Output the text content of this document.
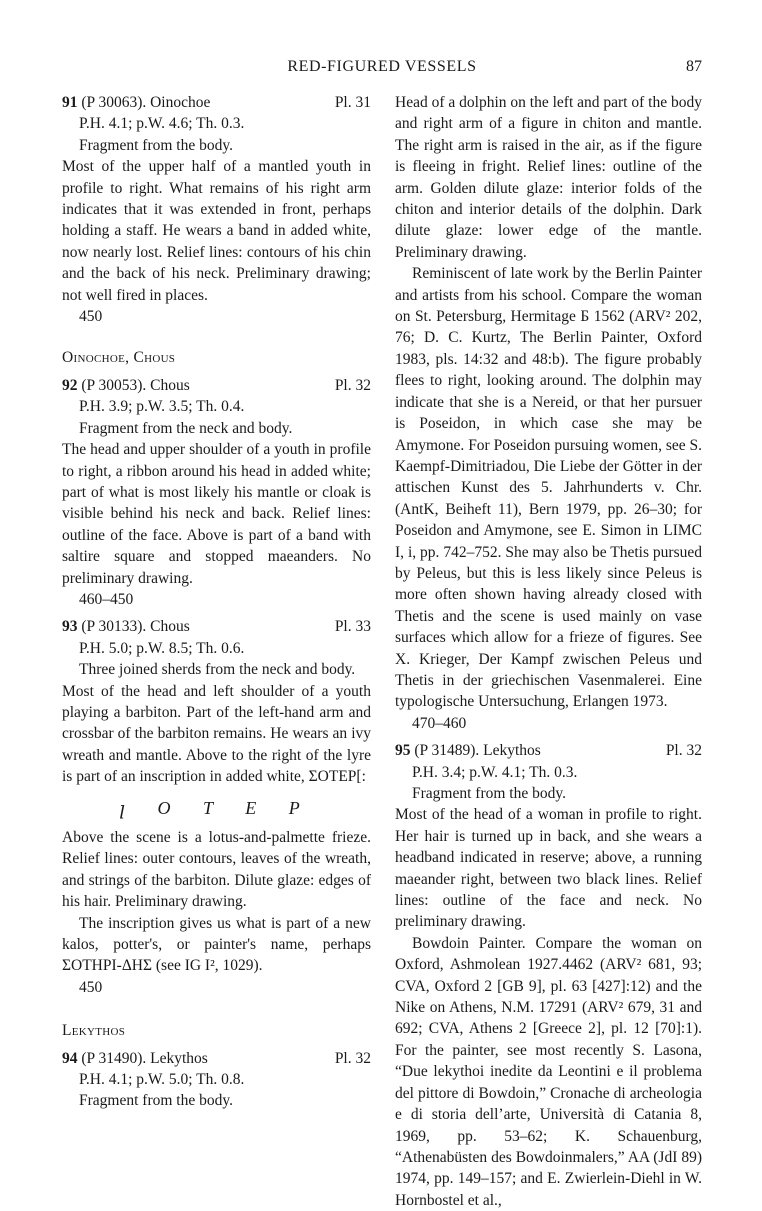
RED-FIGURED VESSELS	87
91 (P 30063). Oinochoe	Pl. 31

P.H. 4.1; p.W. 4.6; Th. 0.3.

Fragment from the body.

Most of the upper half of a mantled youth in profile to right. What remains of his right arm indicates that it was extended in front, perhaps holding a staff. He wears a band in added white, now nearly lost. Relief lines: contours of his chin and the back of his neck. Preliminary drawing; not well fired in places.

450

Oinochoe, Chous
92 (P 30053). Chous	Pl. 32

P.H. 3.9; p.W. 3.5; Th. 0.4.

Fragment from the neck and body.

The head and upper shoulder of a youth in profile to right, a ribbon around his head in added white; part of what is most likely his mantle or cloak is visible behind his neck and back. Relief lines: outline of the face. Above is part of a band with saltire square and stopped maeanders. No preliminary drawing.

460–450

93 (P 30133). Chous	Pl. 33

P.H. 5.0; p.W. 8.5; Th. 0.6.

Three joined sherds from the neck and body.

Most of the head and left shoulder of a youth playing a barbiton. Part of the left-hand arm and crossbar of the barbiton remains. He wears an ivy wreath and mantle. Above to the right of the lyre is part of an inscription in added white, ΣΟΤΕΡ[:

ꞁ Ο Τ Ε Ρ

Above the scene is a lotus-and-palmette frieze. Relief lines: outer contours, leaves of the wreath, and strings of the barbiton. Dilute glaze: edges of his hair. Preliminary drawing.

The inscription gives us what is part of a new kalos, potter's, or painter's name, perhaps ΣΟΤΗΡΙ-ΔΗΣ (see IG I², 1029).

450

Lekythos
94 (P 31490). Lekythos	Pl. 32

P.H. 4.1; p.W. 5.0; Th. 0.8.

Fragment from the body.

Head of a dolphin on the left and part of the body and right arm of a figure in chiton and mantle. The right arm is raised in the air, as if the figure is fleeing in fright. Relief lines: outline of the arm. Golden dilute glaze: interior folds of the chiton and interior details of the dolphin. Dark dilute glaze: lower edge of the mantle. Preliminary drawing.

Reminiscent of late work by the Berlin Painter and artists from his school. Compare the woman on St. Petersburg, Hermitage Б 1562 (ARV² 202, 76; D. C. Kurtz, The Berlin Painter, Oxford 1983, pls. 14:32 and 48:b). The figure probably flees to right, looking around. The dolphin may indicate that she is a Nereid, or that her pursuer is Poseidon, in which case she may be Amymone. For Poseidon pursuing women, see S. Kaempf-Dimitriadou, Die Liebe der Götter in der attischen Kunst des 5. Jahrhunderts v. Chr. (AntK, Beiheft 11), Bern 1979, pp. 26–30; for Poseidon and Amymone, see E. Simon in LIMC I, i, pp. 742–752. She may also be Thetis pursued by Peleus, but this is less likely since Peleus is more often shown having already closed with Thetis and the scene is used mainly on vase surfaces which allow for a frieze of figures. See X. Krieger, Der Kampf zwischen Peleus und Thetis in der griechischen Vasenmalerei. Eine typologische Untersuchung, Erlangen 1973.

470–460

95 (P 31489). Lekythos	Pl. 32

P.H. 3.4; p.W. 4.1; Th. 0.3.

Fragment from the body.

Most of the head of a woman in profile to right. Her hair is turned up in back, and she wears a headband indicated in reserve; above, a running maeander right, between two black lines. Relief lines: outline of the face and neck. No preliminary drawing.

Bowdoin Painter. Compare the woman on Oxford, Ashmolean 1927.4462 (ARV² 681, 93; CVA, Oxford 2 [GB 9], pl. 63 [427]:12) and the Nike on Athens, N.M. 17291 (ARV² 679, 31 and 692; CVA, Athens 2 [Greece 2], pl. 12 [70]:1). For the painter, see most recently S. Lasona, “Due lekythoi inedite da Leontini e il problema del pittore di Bowdoin,” Cronache di archeologia e di storia dell’arte, Università di Catania 8, 1969, pp. 53–62; K. Schauenburg, “Athenabüsten des Bowdoinmalers,” AA (JdI 89) 1974, pp. 149–157; and E. Zwierlein-Diehl in W. Hornbostel et al.,
